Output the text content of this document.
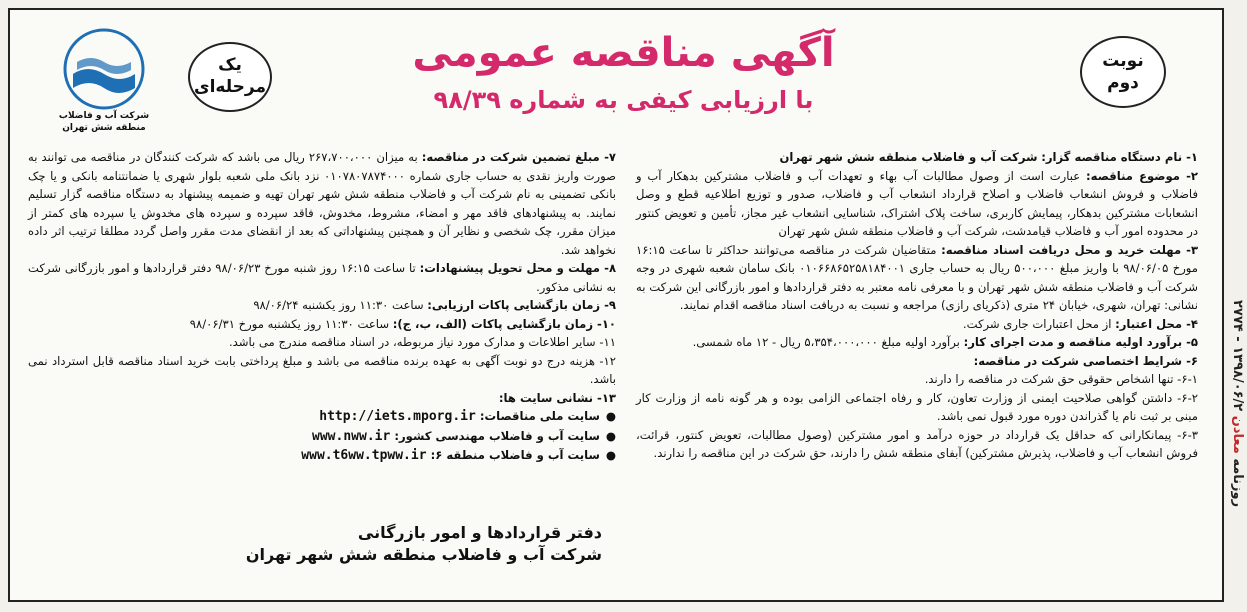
روزنامه معادن ۱۳۹۸/۰۶/۲ - ۲۷۷۴
شرکت آب و فاضلاب
منطقه شش تهران
یک
مرحله‌ای
نوبت
دوم
آگهی مناقصه عمومی
با ارزیابی کیفی به شماره ۹۸/۳۹

۱- نام دستگاه مناقصه گزار: شرکت آب و فاضلاب منطقه شش شهر تهران

۲- موضوع مناقصه: عبارت است از وصول مطالبات آب بهاء و تعهدات آب و فاضلاب مشترکین بدهکار آب و فاضلاب و فروش انشعاب فاضلاب و اصلاح قرارداد انشعاب آب و فاضلاب، صدور و توزیع اطلاعیه قطع و وصل انشعابات مشترکین بدهکار، پیمایش کاربری، ساخت پلاک اشتراک، شناسایی انشعاب غیر مجاز، تأمین و تعویض کنتور در محدوده امور آب و فاضلاب قیامدشت، شرکت آب و فاضلاب منطقه شش شهر تهران

۳- مهلت خرید و محل دریافت اسناد مناقصه: متقاضیان شرکت در مناقصه می‌توانند حداکثر تا ساعت ۱۶:۱۵ مورخ ۹۸/۰۶/۰۵ با واریز مبلغ ۵۰۰،۰۰۰ ریال به حساب جاری ۰۱۰۶۶۸۶۵۲۵۸۱۸۴۰۰۱ بانک سامان شعبه شهری در وجه شرکت آب و فاضلاب منطقه شش شهر تهران و با معرفی نامه معتبر به دفتر قراردادها و امور بازرگانی این شرکت به نشانی: تهران، شهری، خیابان ۲۴ متری (ذکریای رازی) مراجعه و نسبت به دریافت اسناد مناقصه اقدام نمایند.

۴- محل اعتبار: از محل اعتبارات جاری شرکت.

۵- برآورد اولیه مناقصه و مدت اجرای کار: برآورد اولیه مبلغ ۵،۳۵۴،۰۰۰،۰۰۰ ریال - ۱۲ ماه شمسی.

۶- شرایط اختصاصی شرکت در مناقصه:

۶-۱- تنها اشخاص حقوقی حق شرکت در مناقصه را دارند.

۶-۲- داشتن گواهی صلاحیت ایمنی از وزارت تعاون، کار و رفاه اجتماعی الزامی بوده و هر گونه نامه از وزارت کار مبنی بر ثبت نام یا گذراندن دوره مورد قبول نمی باشد.

۶-۳- پیمانکارانی که حداقل یک قرارداد در حوزه درآمد و امور مشترکین (وصول مطالبات، تعویض کنتور، قرائت، فروش انشعاب آب و فاضلاب، پذیرش مشترکین) آبفای منطقه شش را دارند، حق شرکت در این مناقصه را ندارند.

۷- مبلغ تضمین شرکت در مناقصه: به میزان ۲۶۷،۷۰۰،۰۰۰ ریال می باشد که شرکت کنندگان در مناقصه می توانند به صورت واریز نقدی به حساب جاری شماره ۰۱۰۷۸۰۷۸۷۴۰۰۰ نزد بانک ملی شعبه بلوار شهری یا ضمانتنامه بانکی و یا چک بانکی تضمینی به نام شرکت آب و فاضلاب منطقه شش شهر تهران تهیه و ضمیمه پیشنهاد به دستگاه مناقصه گزار تسلیم نمایند. به پیشنهادهای فاقد مهر و امضاء، مشروط، مخدوش، فاقد سپرده و سپرده های مخدوش یا سپرده های کمتر از میزان مقرر، چک شخصی و نظایر آن و همچنین پیشنهاداتی که بعد از انقضای مدت مقرر واصل گردد مطلقا ترتیب اثر داده نخواهد شد.

۸- مهلت و محل تحویل پیشنهادات: تا ساعت ۱۶:۱۵ روز شنبه مورخ ۹۸/۰۶/۲۳ دفتر قراردادها و امور بازرگانی شرکت به نشانی مذکور.

۹- زمان بازگشایی پاکات ارزیابی: ساعت ۱۱:۳۰ روز یکشنبه ۹۸/۰۶/۲۴

۱۰- زمان بازگشایی پاکات (الف، ب، ج): ساعت ۱۱:۳۰ روز یکشنبه مورخ ۹۸/۰۶/۳۱

۱۱- سایر اطلاعات و مدارک مورد نیاز مربوطه، در اسناد مناقصه مندرج می باشد.

۱۲- هزینه درج دو نوبت آگهی به عهده برنده مناقصه می باشد و مبلغ پرداختی بابت خرید اسناد مناقصه قابل استرداد نمی باشد.

۱۳- نشانی سایت ها:

●سایت ملی مناقصات: http://iets.mporg.ir
●سایت آب و فاضلاب مهندسی کشور: www.nww.ir
●سایت آب و فاضلاب منطقه ۶: www.t6ww.tpww.ir
دفتر قراردادها و امور بازرگانی
شرکت آب و فاضلاب منطقه شش شهر تهران
